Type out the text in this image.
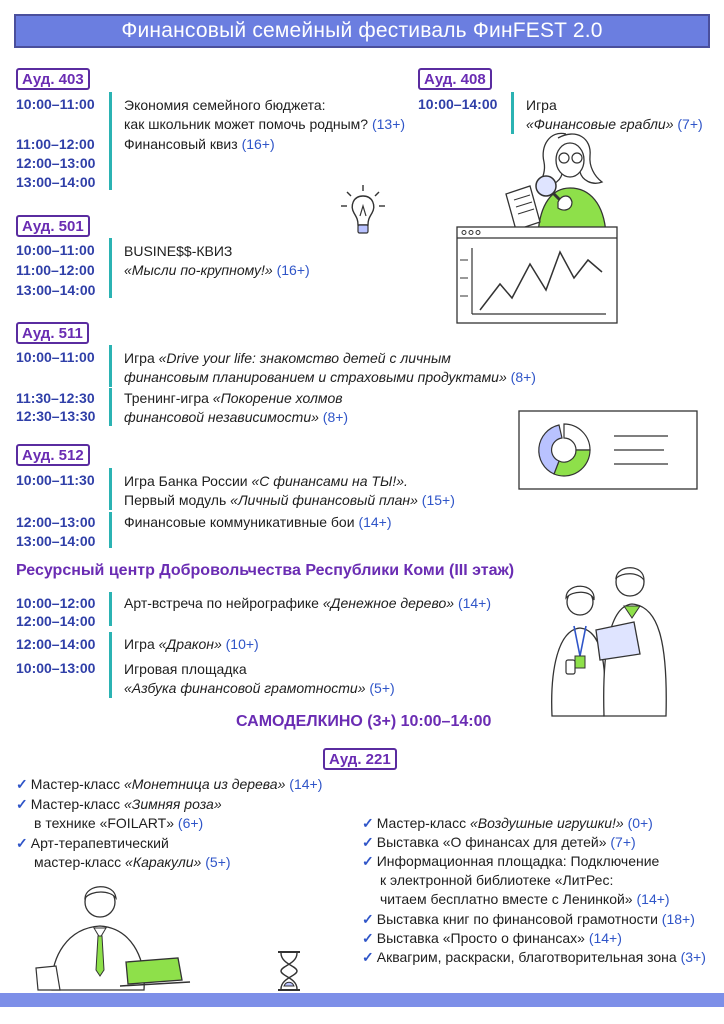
Финансовый семейный фестиваль ФинFEST 2.0
Ауд. 403
10:00–11:00
11:00–12:00
12:00–13:00
13:00–14:00
Экономия семейного бюджета:
как школьник может помочь родным? (13+)
Финансовый квиз (16+)
Ауд. 408
10:00–14:00 Игра
«Финансовые грабли» (7+)
Ауд. 501
10:00–11:00
11:00–12:00
13:00–14:00
BUSINE$$-КВИЗ
«Мысли по-крупному!» (16+)
Ауд. 511
10:00–11:00 Игра «Drive your life: знакомство детей с личным
финансовым планированием и страховыми продуктами» (8+)
11:30–12:30
12:30–13:30
Тренинг-игра «Покорение холмов
финансовой независимости» (8+)
Ауд. 512
10:00–11:30 Игра Банка России «С финансами на ТЫ!».
Первый модуль «Личный финансовый план» (15+)
12:00–13:00
13:00–14:00
Финансовые коммуникативные бои (14+)
Ресурсный центр Добровольчества Республики Коми (III этаж)
10:00–12:00
12:00–14:00
Арт-встреча по нейрографике «Денежное дерево» (14+)
12:00–14:00 Игра «Дракон» (10+)
10:00–13:00 Игровая площадка
«Азбука финансовой грамотности» (5+)
САМОДЕЛКИНО (3+) 10:00–14:00
Ауд. 221
✓ Мастер-класс «Монетница из дерева» (14+)
✓ Мастер-класс «Зимняя роза»
в технике «FOILART» (6+)
✓ Арт-терапевтический
мастер-класс «Каракули» (5+)
✓ Мастер-класс «Воздушные игрушки!» (0+)
✓ Выставка «О финансах для детей» (7+)
✓ Информационная площадка: Подключение
к электронной библиотеке «ЛитРес:
читаем бесплатно вместе с Ленинкой» (14+)
✓ Выставка книг по финансовой грамотности (18+)
✓ Выставка «Просто о финансах» (14+)
✓ Аквагрим, раскраски, благотворительная зона (3+)
